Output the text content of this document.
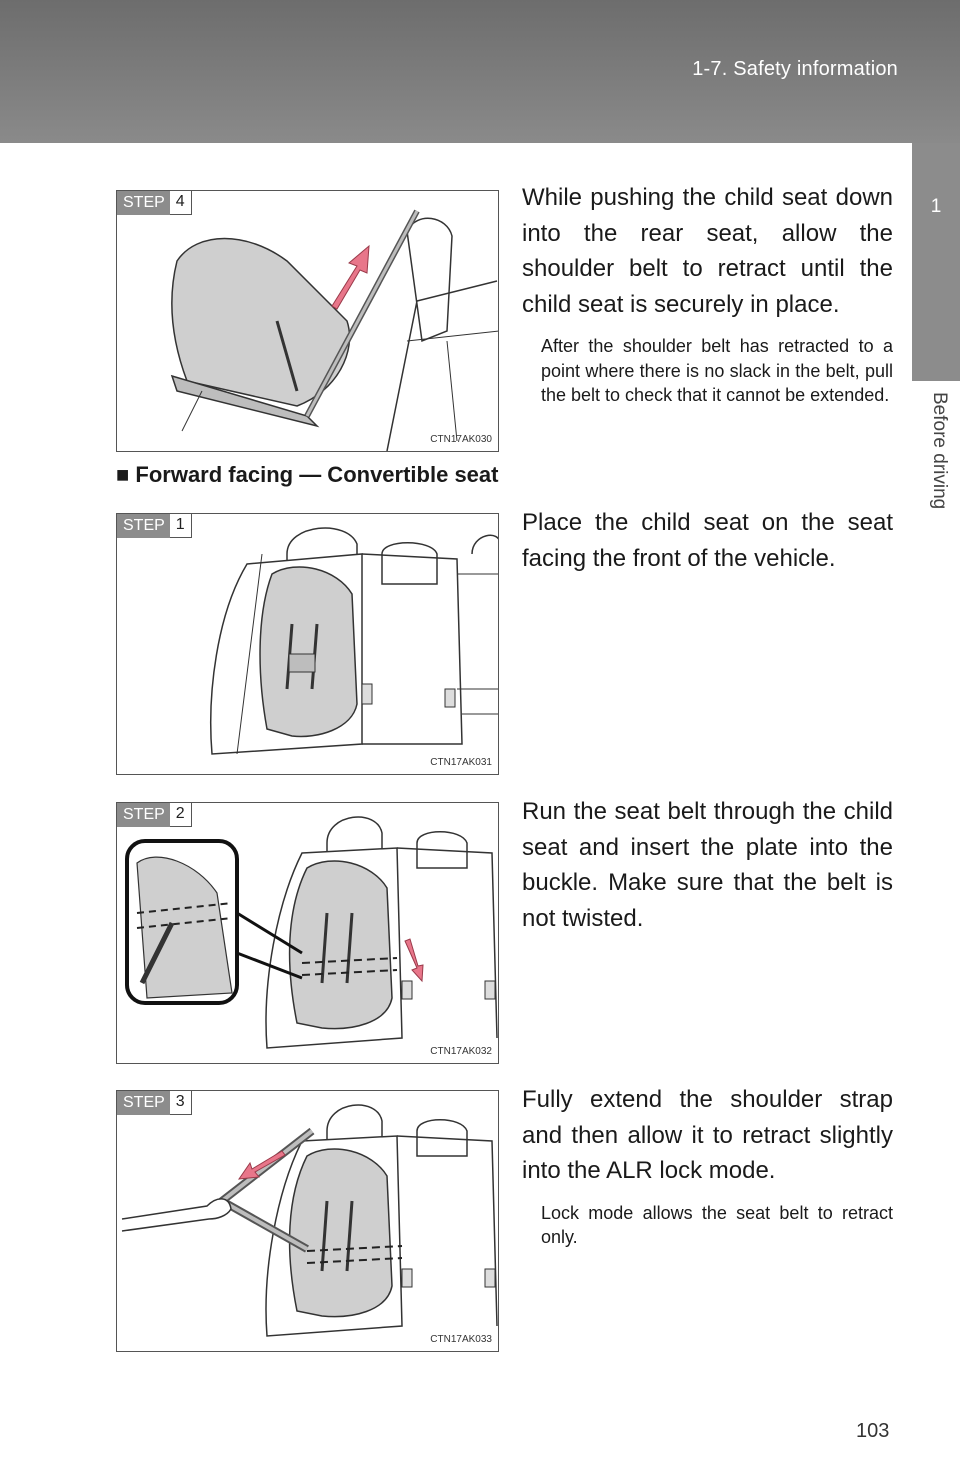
1-7. Safety information
1
Before driving
STEP 4
CTN17AK030

While pushing the child seat down into the rear seat, allow the shoulder belt to retract until the child seat is securely in place.

After the shoulder belt has retracted to a point where there is no slack in the belt, pull the belt to check that it cannot be extended.

■ Forward facing — Convertible seat
STEP 1
CTN17AK031

Place the child seat on the seat facing the front of the vehicle.

STEP 2
CTN17AK032

Run the seat belt through the child seat and insert the plate into the buckle. Make sure that the belt is not twisted.

STEP 3
CTN17AK033

Fully extend the shoulder strap and then allow it to retract slightly into the ALR lock mode.

Lock mode allows the seat belt to retract only.

103
